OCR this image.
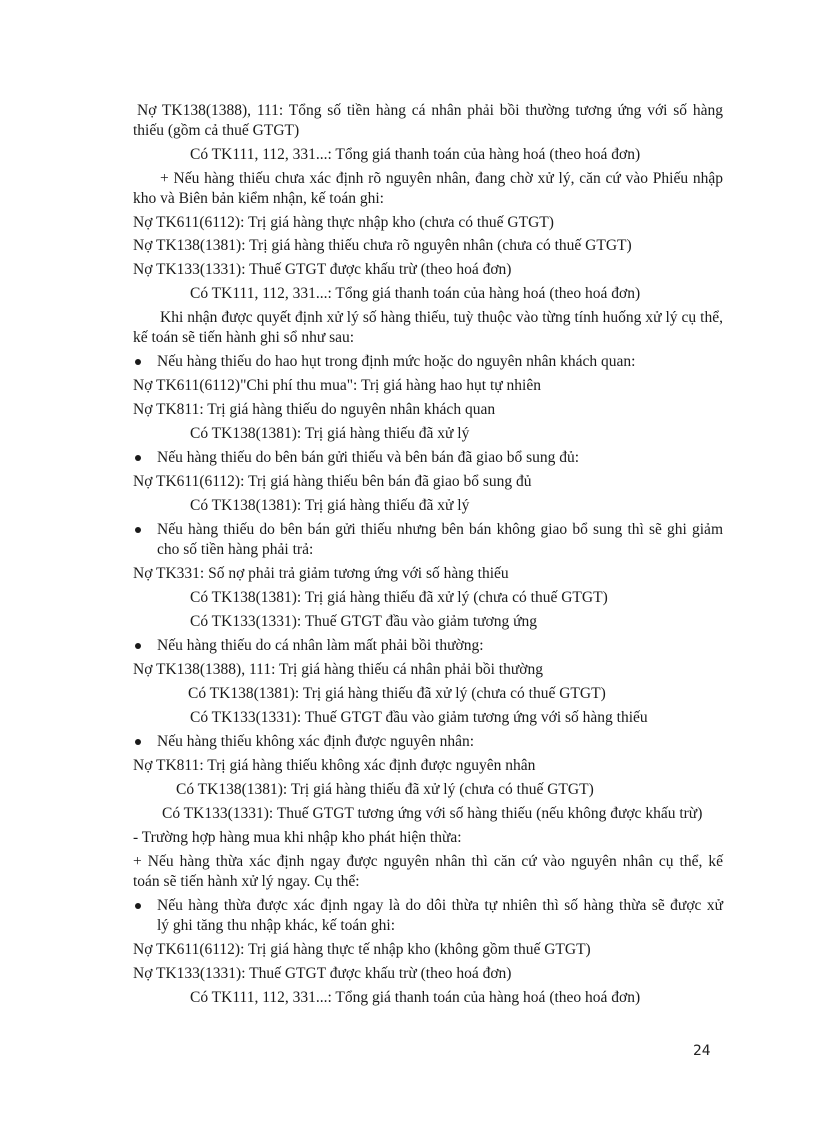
Nợ TK138(1388), 111: Tổng số tiền hàng cá nhân phải bồi thường tương ứng với số hàng
thiếu (gồm cả thuế GTGT)
Có TK111, 112, 331...: Tổng giá thanh toán của hàng hoá (theo hoá đơn)
+ Nếu hàng thiếu chưa xác định rõ nguyên nhân, đang chờ xử lý, căn cứ vào Phiếu nhập
kho và Biên bản kiểm nhận, kế toán ghi:
Nợ TK611(6112): Trị giá hàng thực nhập kho (chưa có thuế GTGT)
Nợ TK138(1381): Trị giá hàng thiếu chưa rõ nguyên nhân (chưa có thuế GTGT)
Nợ TK133(1331): Thuế GTGT được khấu trừ (theo hoá đơn)
Có TK111, 112, 331...: Tổng giá thanh toán của hàng hoá (theo hoá đơn)
Khi nhận được quyết định xử lý số hàng thiếu, tuỳ thuộc vào từng tính huống xử lý cụ thể,
kế toán sẽ tiến hành ghi sổ như sau:
Nếu hàng thiếu do hao hụt trong định mức hoặc do nguyên nhân khách quan:
Nợ TK611(6112)"Chi phí thu mua": Trị giá hàng hao hụt tự nhiên
Nợ TK811: Trị giá hàng thiếu do nguyên nhân khách quan
Có TK138(1381): Trị giá hàng thiếu đã xử lý
Nếu hàng thiếu do bên bán gửi thiếu và bên bán đã giao bổ sung đủ:
Nợ TK611(6112): Trị giá hàng thiếu bên bán đã giao bổ sung đủ
Có TK138(1381): Trị giá hàng thiếu đã xử lý
Nếu hàng thiếu do bên bán gửi thiếu nhưng bên bán không giao bổ sung thì sẽ ghi giảm
cho số tiền hàng phải trả:
Nợ TK331: Số nợ phải trả giảm tương ứng với số hàng thiếu
Có TK138(1381): Trị giá hàng thiếu đã xử lý (chưa có thuế GTGT)
Có TK133(1331): Thuế GTGT đầu vào giảm tương ứng
Nếu hàng thiếu do cá nhân làm mất phải bồi thường:
Nợ TK138(1388), 111: Trị giá hàng thiếu cá nhân phải bồi thường
Có TK138(1381): Trị giá hàng thiếu đã xử lý (chưa có thuế GTGT)
Có TK133(1331): Thuế GTGT đầu vào giảm tương ứng với số hàng thiếu
Nếu hàng thiếu không xác định được nguyên nhân:
Nợ TK811: Trị giá hàng thiếu không xác định được nguyên nhân
Có TK138(1381): Trị giá hàng thiếu đã xử lý (chưa có thuế GTGT)
Có TK133(1331): Thuế GTGT tương ứng với số hàng thiếu (nếu không được khấu trừ)
- Trường hợp hàng mua khi nhập kho phát hiện thừa:
+ Nếu hàng thừa xác định ngay được nguyên nhân thì căn cứ vào nguyên nhân cụ thể, kế
toán sẽ tiến hành xử lý ngay. Cụ thể:
Nếu hàng thừa được xác định ngay là do dôi thừa tự nhiên thì số hàng thừa sẽ được xử
lý ghi tăng thu nhập khác, kế toán ghi:
Nợ TK611(6112): Trị giá hàng thực tế nhập kho (không gồm thuế GTGT)
Nợ TK133(1331): Thuế GTGT được khấu trừ (theo hoá đơn)
Có TK111, 112, 331...: Tổng giá thanh toán của hàng hoá (theo hoá đơn)
24
